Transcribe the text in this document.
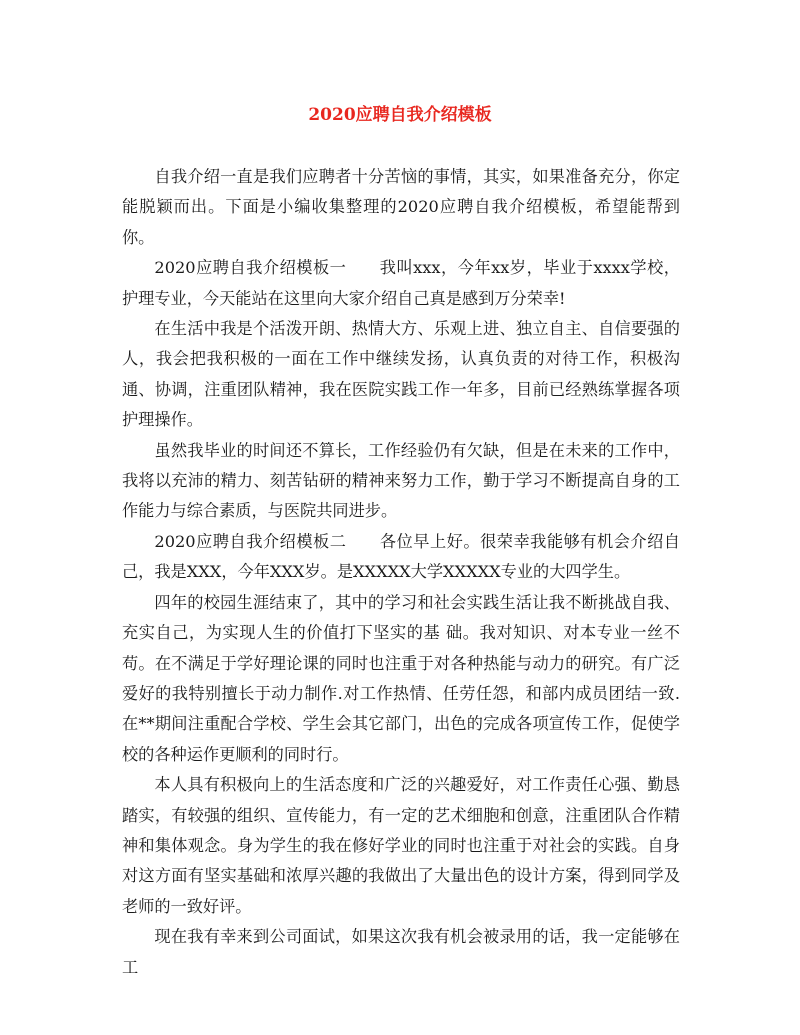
2020应聘自我介绍模板

自我介绍一直是我们应聘者十分苦恼的事情，其实，如果准备充分，你定能脱颖而出。下面是小编收集整理的2020应聘自我介绍模板，希望能帮到你。

2020应聘自我介绍模板一　　我叫xxx，今年xx岁，毕业于xxxx学校，护理专业，今天能站在这里向大家介绍自己真是感到万分荣幸!

在生活中我是个活泼开朗、热情大方、乐观上进、独立自主、自信要强的人，我会把我积极的一面在工作中继续发扬，认真负责的对待工作，积极沟通、协调，注重团队精神，我在医院实践工作一年多，目前已经熟练掌握各项护理操作。

虽然我毕业的时间还不算长，工作经验仍有欠缺，但是在未来的工作中，我将以充沛的精力、刻苦钻研的精神来努力工作，勤于学习不断提高自身的工作能力与综合素质，与医院共同进步。

2020应聘自我介绍模板二　　各位早上好。很荣幸我能够有机会介绍自己，我是XXX，今年XXX岁。是XXXXX大学XXXXX专业的大四学生。

四年的校园生涯结束了，其中的学习和社会实践生活让我不断挑战自我、充实自己，为实现人生的价值打下坚实的基 础。我对知识、对本专业一丝不苟。在不满足于学好理论课的同时也注重于对各种热能与动力的研究。有广泛爱好的我特别擅长于动力制作.对工作热情、任劳任怨，和部内成员团结一致.在**期间注重配合学校、学生会其它部门，出色的完成各项宣传工作，促使学校的各种运作更顺利的同时行。

本人具有积极向上的生活态度和广泛的兴趣爱好，对工作责任心强、勤恳踏实，有较强的组织、宣传能力，有一定的艺术细胞和创意，注重团队合作精神和集体观念。身为学生的我在修好学业的同时也注重于对社会的实践。自身对这方面有坚实基础和浓厚兴趣的我做出了大量出色的设计方案，得到同学及老师的一致好评。

现在我有幸来到公司面试，如果这次我有机会被录用的话，我一定能够在工
